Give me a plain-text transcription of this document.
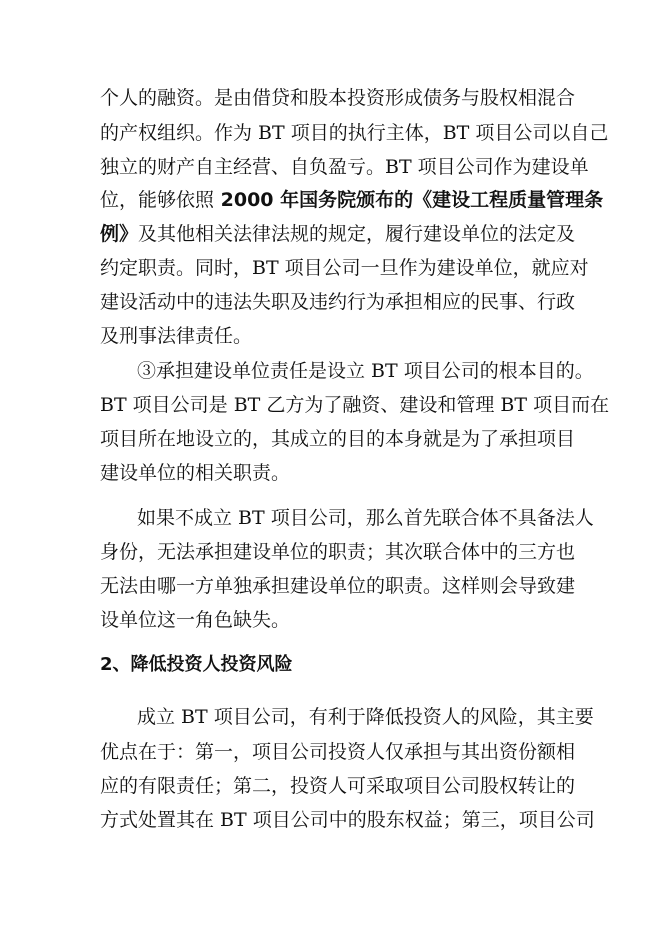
个人的融资。是由借贷和股本投资形成债务与股权相混合
的产权组织。作为 BT 项目的执行主体，BT 项目公司以自己
独立的财产自主经营、自负盈亏。BT 项目公司作为建设单
位，能够依照 2000 年国务院颁布的《建设工程质量管理条
例》及其他相关法律法规的规定，履行建设单位的法定及
约定职责。同时，BT 项目公司一旦作为建设单位，就应对
建设活动中的违法失职及违约行为承担相应的民事、行政
及刑事法律责任。
③承担建设单位责任是设立 BT 项目公司的根本目的。
BT 项目公司是 BT 乙方为了融资、建设和管理 BT 项目而在
项目所在地设立的，其成立的目的本身就是为了承担项目
建设单位的相关职责。
如果不成立 BT 项目公司，那么首先联合体不具备法人
身份，无法承担建设单位的职责；其次联合体中的三方也
无法由哪一方单独承担建设单位的职责。这样则会导致建
设单位这一角色缺失。
2、降低投资人投资风险
成立 BT 项目公司，有利于降低投资人的风险，其主要
优点在于：第一，项目公司投资人仅承担与其出资份额相
应的有限责任；第二，投资人可采取项目公司股权转让的
方式处置其在 BT 项目公司中的股东权益；第三，项目公司
